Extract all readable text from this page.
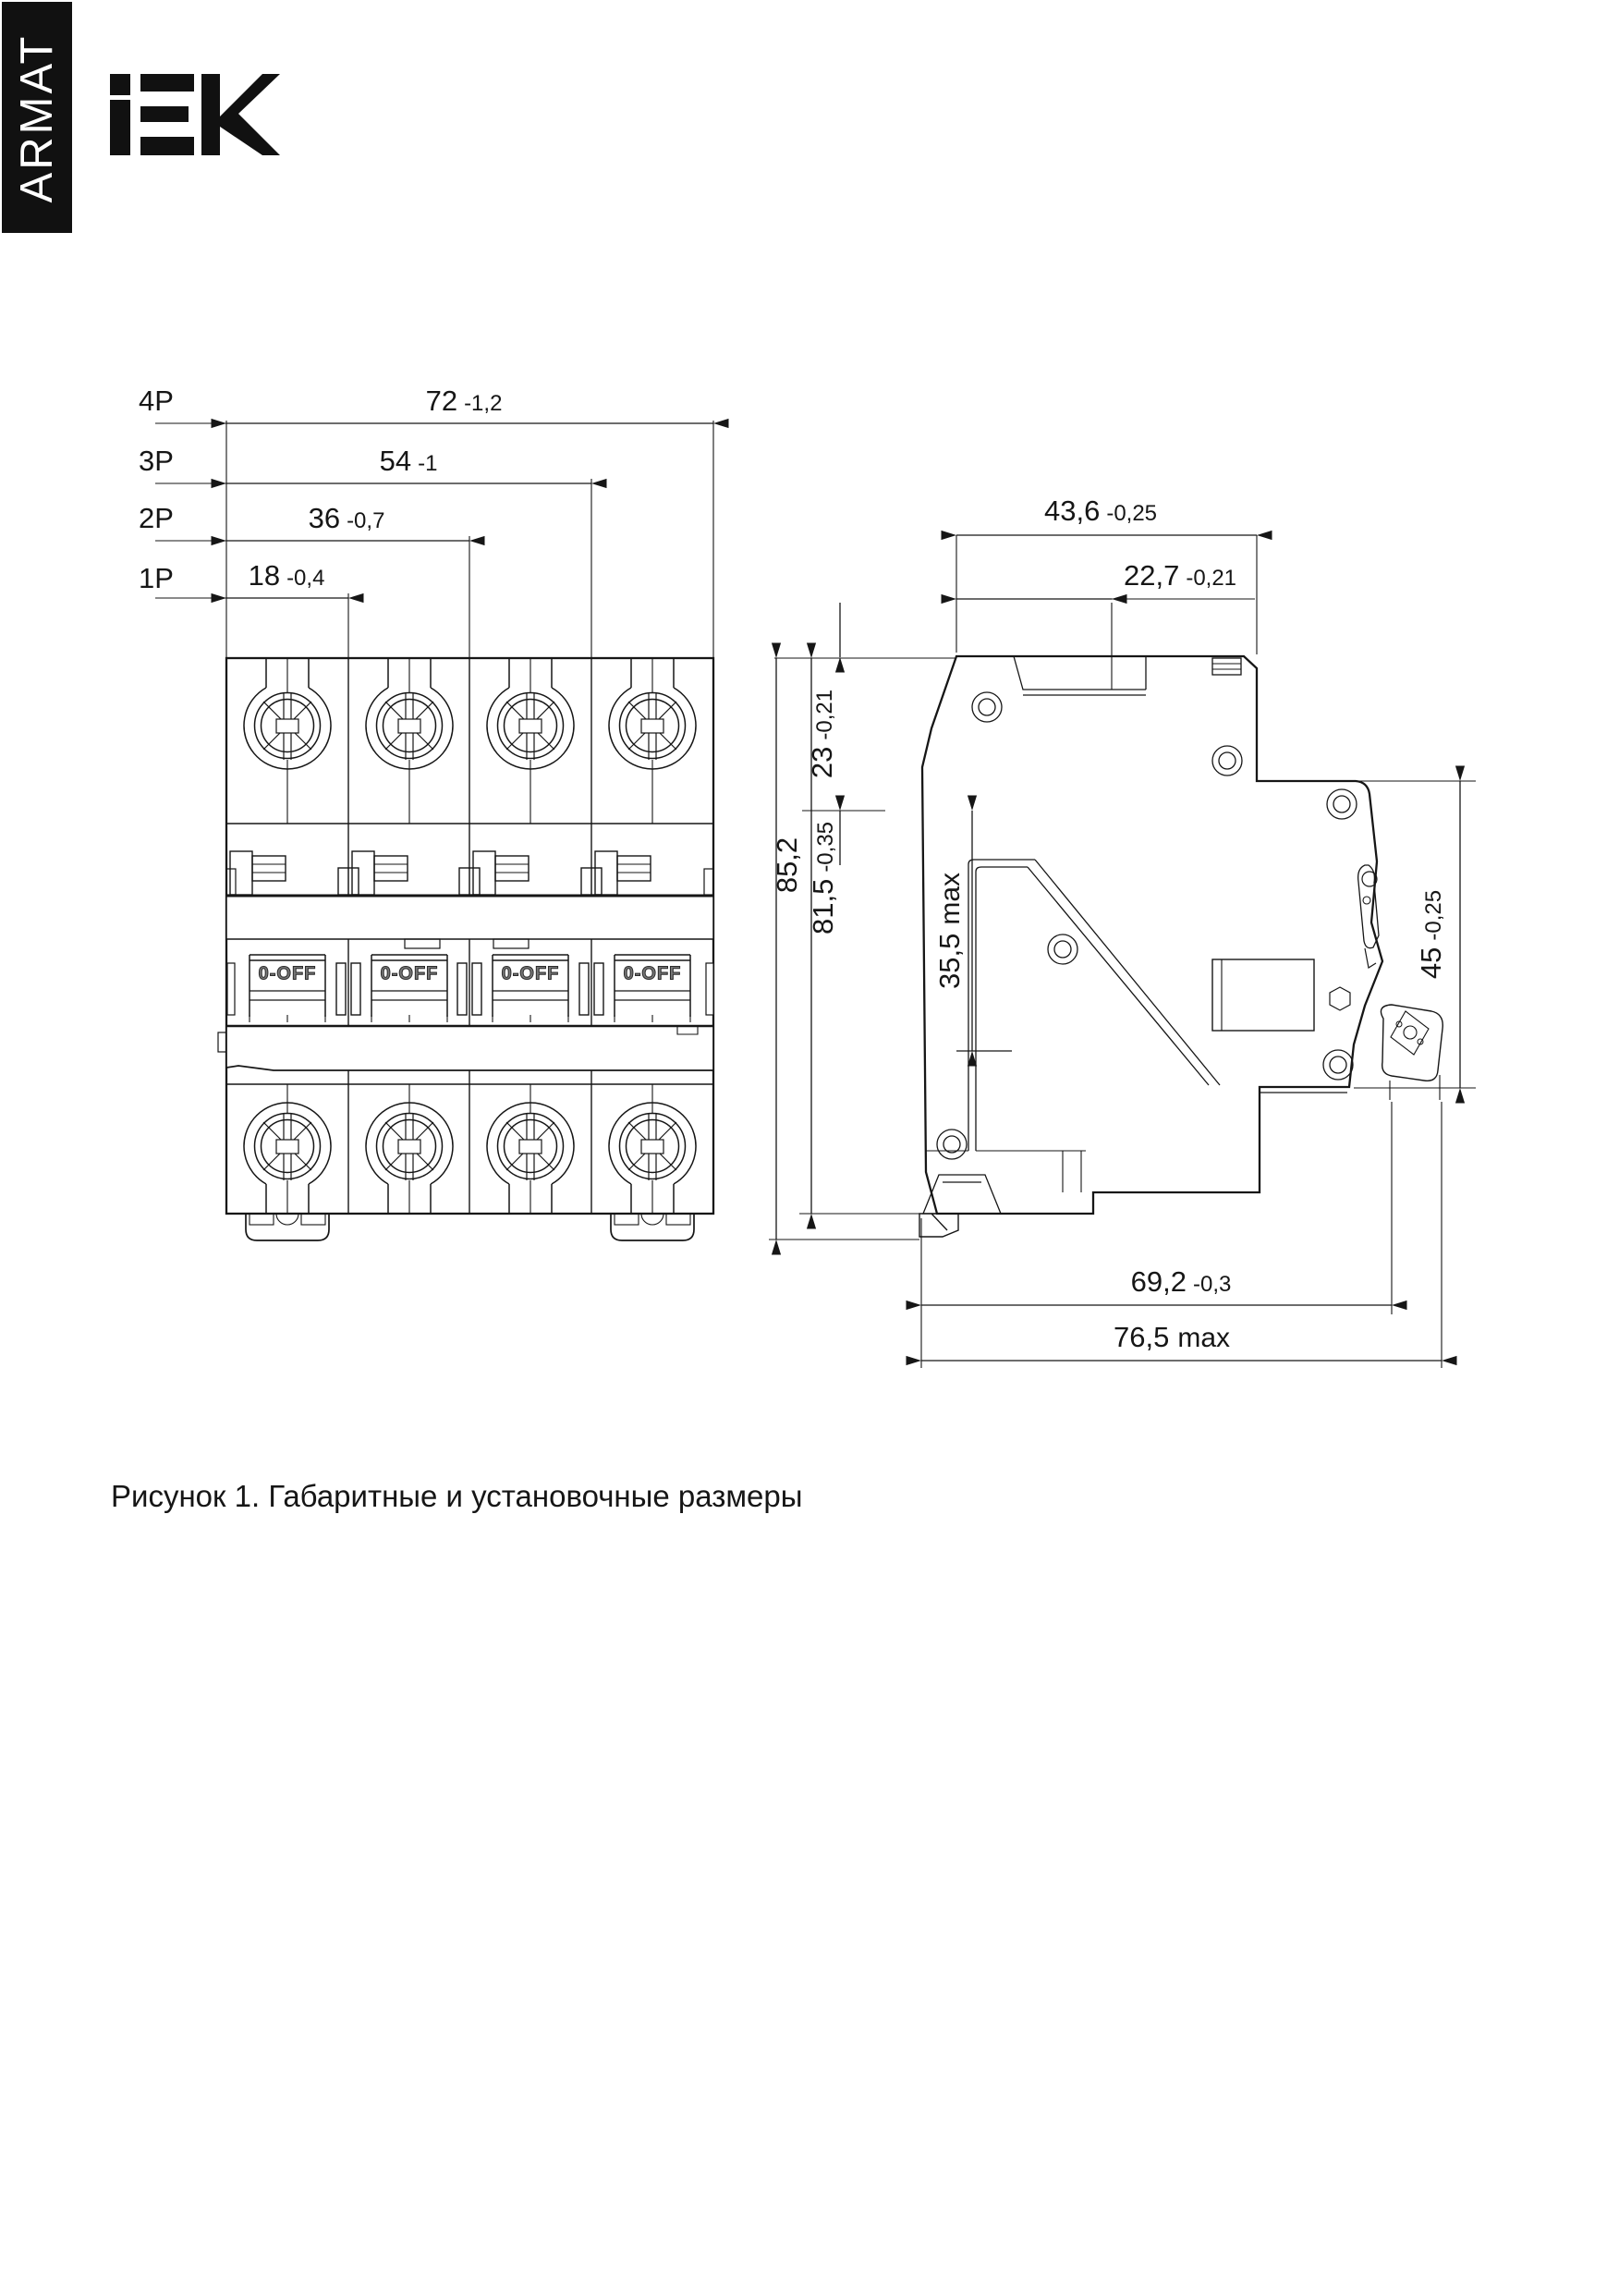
ARMAT
4P
3P
2P
1P
72 -1,2
54 -1
36 -0,7
18 -0,4
0-OFF	0-OFF	0-OFF	0-OFF
43,6 -0,25
22,7 -0,21
69,2 -0,3
76,5 max
85,2
81,5-0,35
23-0,21
35,5max
45-0,25
Рисунок 1. Габаритные и установочные размеры
